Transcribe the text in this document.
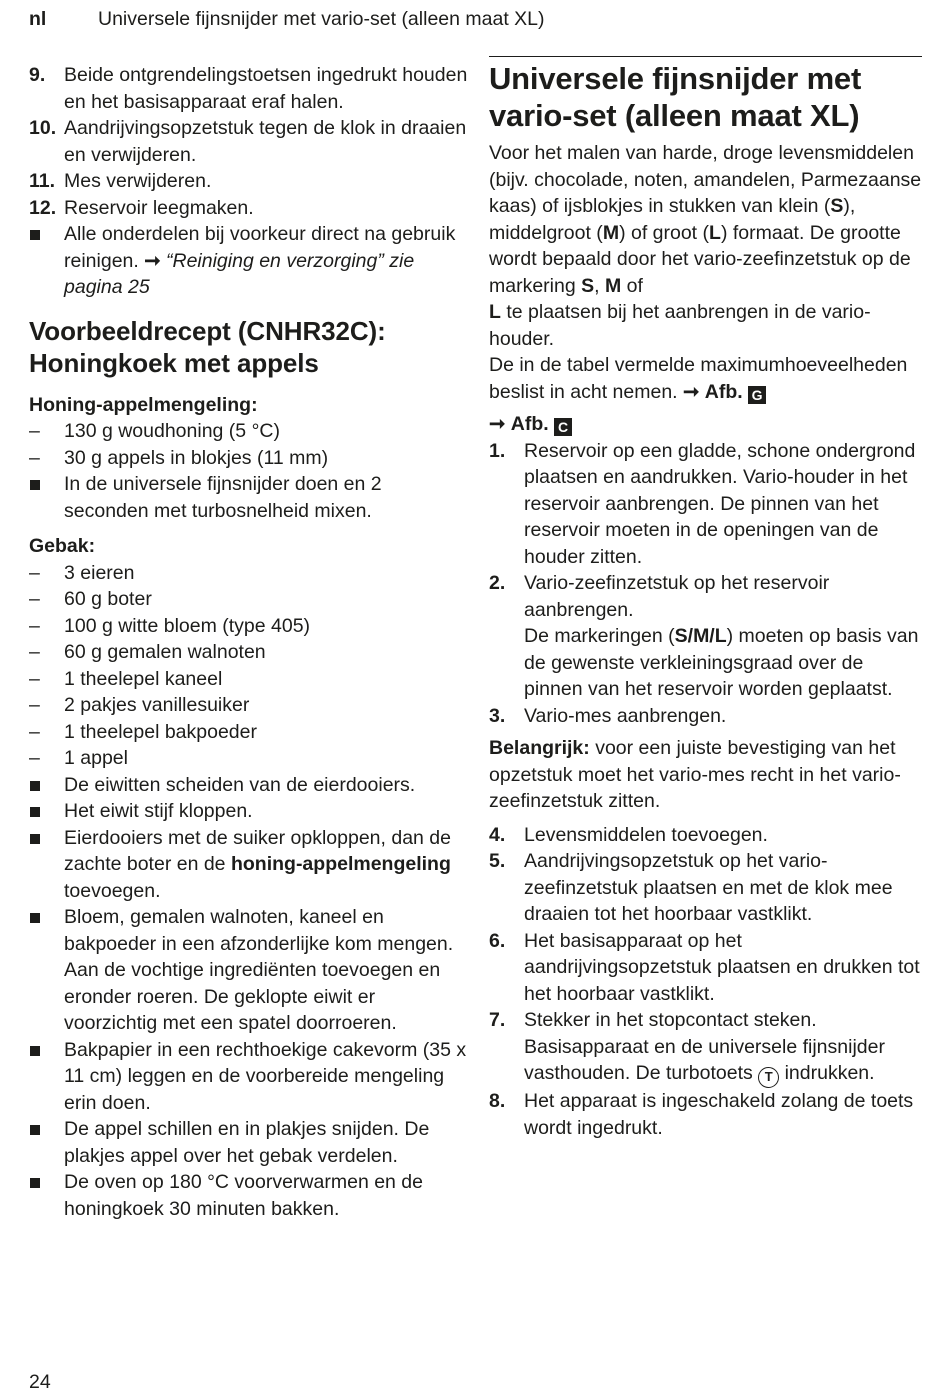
nl	Universele fijnsnijder met vario-set (alleen maat XL)
9. Beide ontgrendelingstoetsen ingedrukt houden en het basisapparaat eraf halen.
10. Aandrijvingsopzetstuk tegen de klok in draaien en verwijderen.
11. Mes verwijderen.
12. Reservoir leegmaken.
Alle onderdelen bij voorkeur direct na gebruik reinigen. ➞ “Reiniging en verzorging” zie pagina 25
Voorbeeldrecept (CNHR32C):
Honingkoek met appels
Honing-appelmengeling:
– 130 g woudhoning (5 °C)
– 30 g appels in blokjes (11 mm)
In de universele fijnsnijder doen en 2 seconden met turbosnelheid mixen.
Gebak:
– 3 eieren
– 60 g boter
– 100 g witte bloem (type 405)
– 60 g gemalen walnoten
– 1 theelepel kaneel
– 2 pakjes vanillesuiker
– 1 theelepel bakpoeder
– 1 appel
De eiwitten scheiden van de eierdooiers.
Het eiwit stijf kloppen.
Eierdooiers met de suiker opkloppen, dan de zachte boter en de honing-appelmengeling toevoegen.
Bloem, gemalen walnoten, kaneel en bakpoeder in een afzonderlijke kom mengen. Aan de vochtige ingrediënten toevoegen en eronder roeren. De geklopte eiwit er voorzichtig met een spatel doorroeren.
Bakpapier in een rechthoekige cakevorm (35 x 11 cm) leggen en de voorbereide mengeling erin doen.
De appel schillen en in plakjes snijden. De plakjes appel over het gebak verdelen.
De oven op 180 °C voorverwarmen en de honingkoek 30 minuten bakken.
Universele fijnsnijder met
vario-set (alleen maat XL)

Voor het malen van harde, droge levensmiddelen (bijv. chocolade, noten, amandelen, Parmezaanse kaas) of ijsblokjes in stukken van klein (S), middelgroot (M) of groot (L) formaat. De grootte wordt bepaald door het vario-zeefinzetstuk op de markering S, M of
L te plaatsen bij het aanbrengen in de vario-houder.

De in de tabel vermelde maximumhoeveelheden beslist in acht nemen. ➞ Afb. G

➞ Afb. C

1. Reservoir op een gladde, schone ondergrond plaatsen en aandrukken. Vario-houder in het reservoir aanbrengen. De pinnen van het reservoir moeten in de openingen van de houder zitten.
2. Vario-zeefinzetstuk op het reservoir aanbrengen.
De markeringen (S/M/L) moeten op basis van de gewenste verkleiningsgraad over de pinnen van het reservoir worden geplaatst.
3. Vario-mes aanbrengen.

Belangrijk: voor een juiste bevestiging van het opzetstuk moet het vario-mes recht in het vario-zeefinzetstuk zitten.

4. Levensmiddelen toevoegen.
5. Aandrijvingsopzetstuk op het vario-zeefinzetstuk plaatsen en met de klok mee draaien tot het hoorbaar vastklikt.
6. Het basisapparaat op het aandrijvingsopzetstuk plaatsen en drukken tot het hoorbaar vastklikt.
7. Stekker in het stopcontact steken. Basisapparaat en de universele fijnsnijder vasthouden. De turbotoets T indrukken.
8. Het apparaat is ingeschakeld zolang de toets wordt ingedrukt.
24
